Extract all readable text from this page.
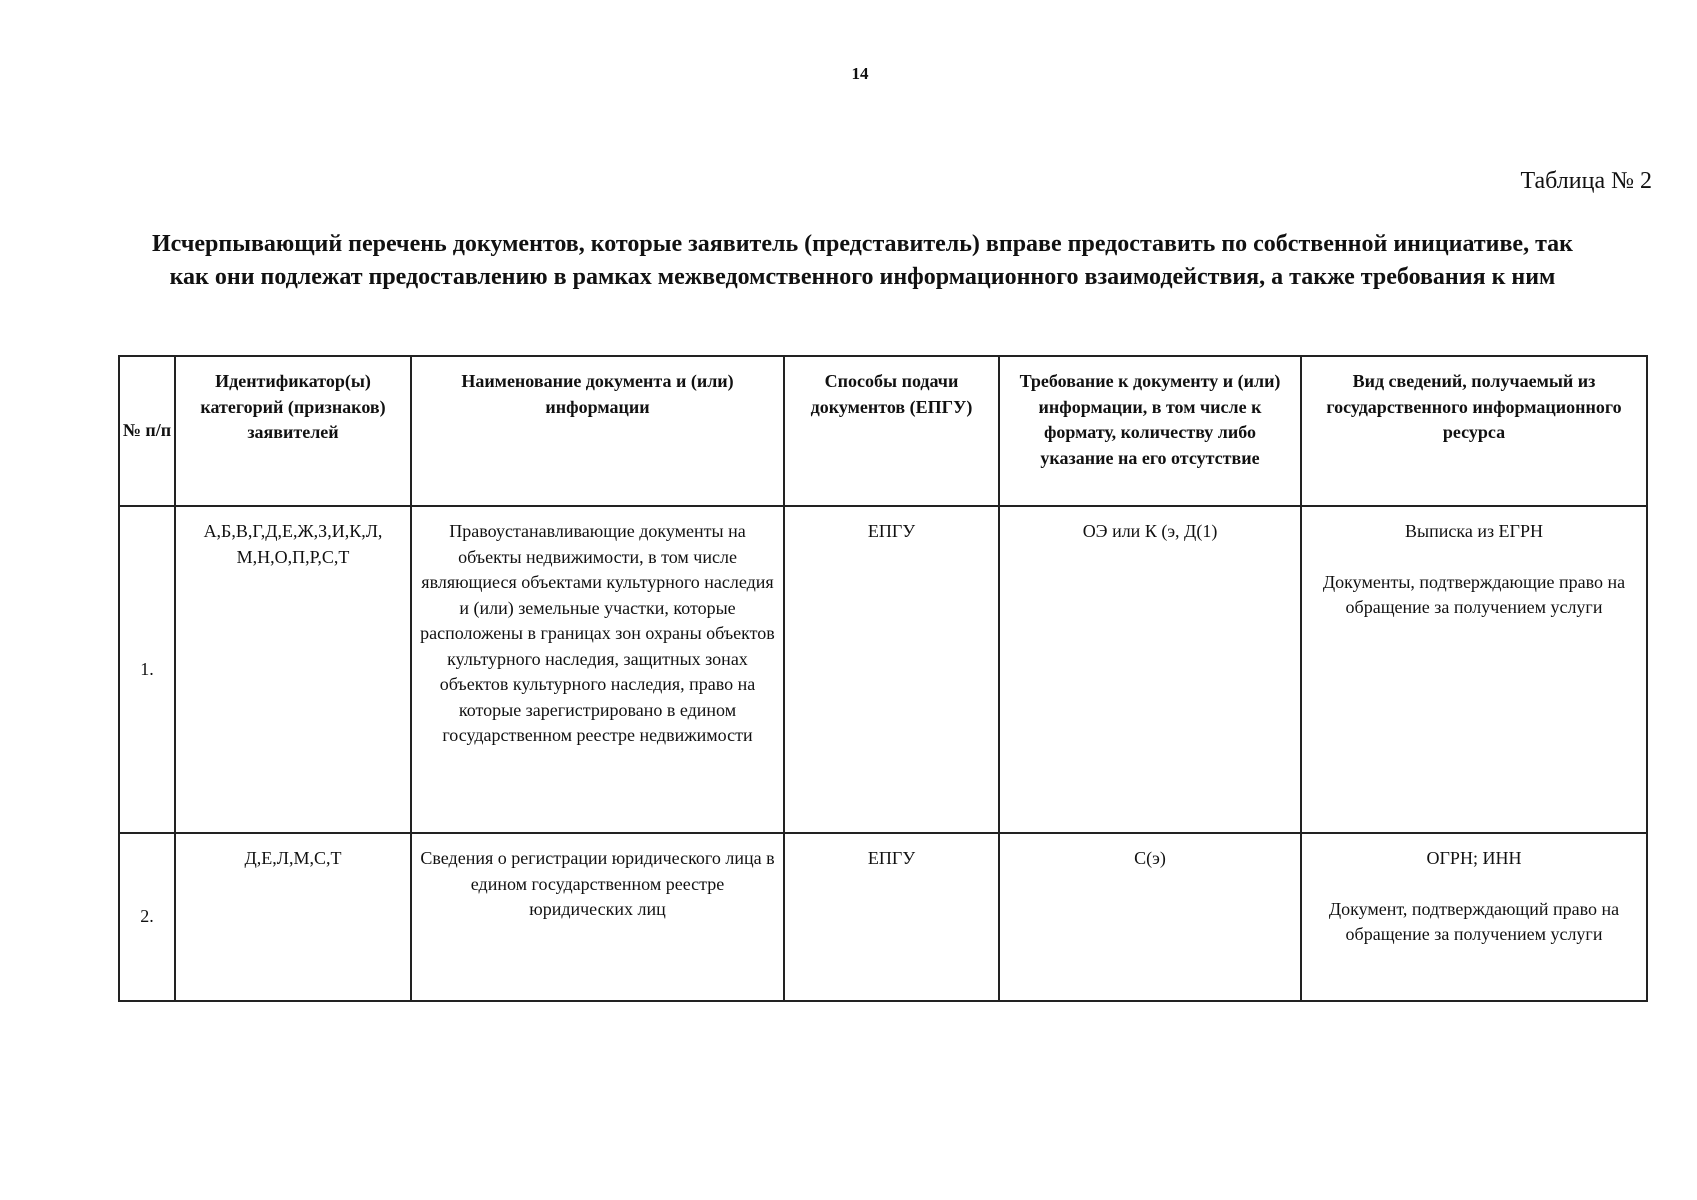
14
Таблица № 2
Исчерпывающий перечень документов, которые заявитель (представитель) вправе предоставить по собственной инициативе, так как они подлежат предоставлению в рамках межведомственного информационного взаимодействия, а также требования к ним
№ п/п	Идентификатор(ы) категорий (признаков) заявителей	Наименование документа и (или) информации	Способы подачи документов (ЕПГУ)	Требование к документу и (или) информации, в том числе к формату, количеству либо указание на его отсутствие	Вид сведений, получаемый из государственного информационного ресурса
1.	А,Б,В,Г,Д,Е,Ж,З,И,К,Л, М,Н,О,П,Р,С,Т	Правоустанавливающие документы на объекты недвижимости, в том числе являющиеся объектами культурного наследия и (или) земельные участки, которые расположены в границах зон охраны объектов культурного наследия, защитных зонах объектов культурного наследия, право на которые зарегистрировано в едином государственном реестре недвижимости	ЕПГУ	ОЭ или К (э, Д(1)	Выписка из ЕГРН
Документы, подтверждающие право на обращение за получением услуги
2.	Д,Е,Л,М,С,Т	Сведения о регистрации юридического лица в едином государственном реестре юридических лиц	ЕПГУ	С(э)	ОГРН; ИНН
Документ, подтверждающий право на обращение за получением услуги
